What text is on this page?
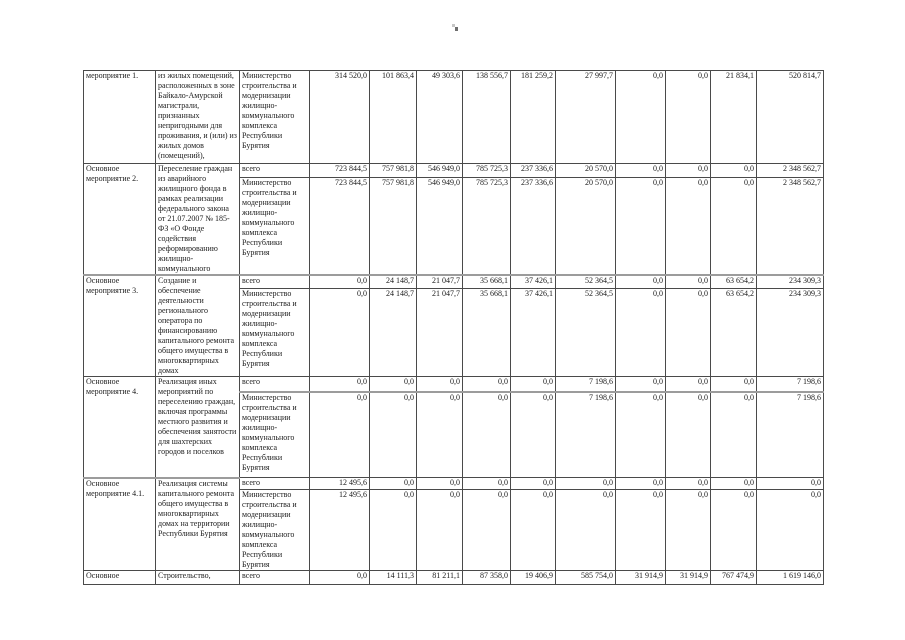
мероприятие 1.	из жилых помещений, расположенных в зоне Байкало-Амурской магистрали, признанных непригодными для проживания, и (или) из жилых домов (помещений),	Министерство строительства и модернизации жилищно-коммунального комплекса Республики Бурятия	314 520,0	101 863,4	49 303,6	138 556,7	181 259,2	27 997,7	0,0	0,0	21 834,1	520 814,7
Основное мероприятие 2.	Переселение граждан из аварийного жилищного фонда в рамках реализации федерального закона от 21.07.2007 № 185-ФЗ «О Фонде содействия реформированию жилищно-коммунального	всего	723 844,5	757 981,8	546 949,0	785 725,3	237 336,6	20 570,0	0,0	0,0	0,0	2 348 562,7
		Министерство строительства и модернизации жилищно-коммунального комплекса Республики Бурятия	723 844,5	757 981,8	546 949,0	785 725,3	237 336,6	20 570,0	0,0	0,0	0,0	2 348 562,7
Основное мероприятие 3.	Создание и обеспечение деятельности регионального оператора по финансированию капитального ремонта общего имущества в многоквартирных домах	всего	0,0	24 148,7	21 047,7	35 668,1	37 426,1	52 364,5	0,0	0,0	63 654,2	234 309,3
		Министерство строительства и модернизации жилищно-коммунального комплекса Республики Бурятия	0,0	24 148,7	21 047,7	35 668,1	37 426,1	52 364,5	0,0	0,0	63 654,2	234 309,3
Основное мероприятие 4.	Реализация иных мероприятий по переселению граждан, включая программы местного развития и обеспечения занятости для шахтерских городов и поселков	всего	0,0	0,0	0,0	0,0	0,0	7 198,6	0,0	0,0	0,0	7 198,6
		Министерство строительства и модернизации жилищно-коммунального комплекса Республики Бурятия	0,0	0,0	0,0	0,0	0,0	7 198,6	0,0	0,0	0,0	7 198,6
Основное мероприятие 4.1.	Реализация системы капитального ремонта общего имущества в многоквартирных домах на территории Республики Бурятия	всего	12 495,6	0,0	0,0	0,0	0,0	0,0	0,0	0,0	0,0	0,0
		Министерство строительства и модернизации жилищно-коммунального комплекса Республики Бурятия	12 495,6	0,0	0,0	0,0	0,0	0,0	0,0	0,0	0,0	0,0
Основное	Строительство,	всего	0,0	14 111,3	81 211,1	87 358,0	19 406,9	585 754,0	31 914,9	31 914,9	767 474,9	1 619 146,0
